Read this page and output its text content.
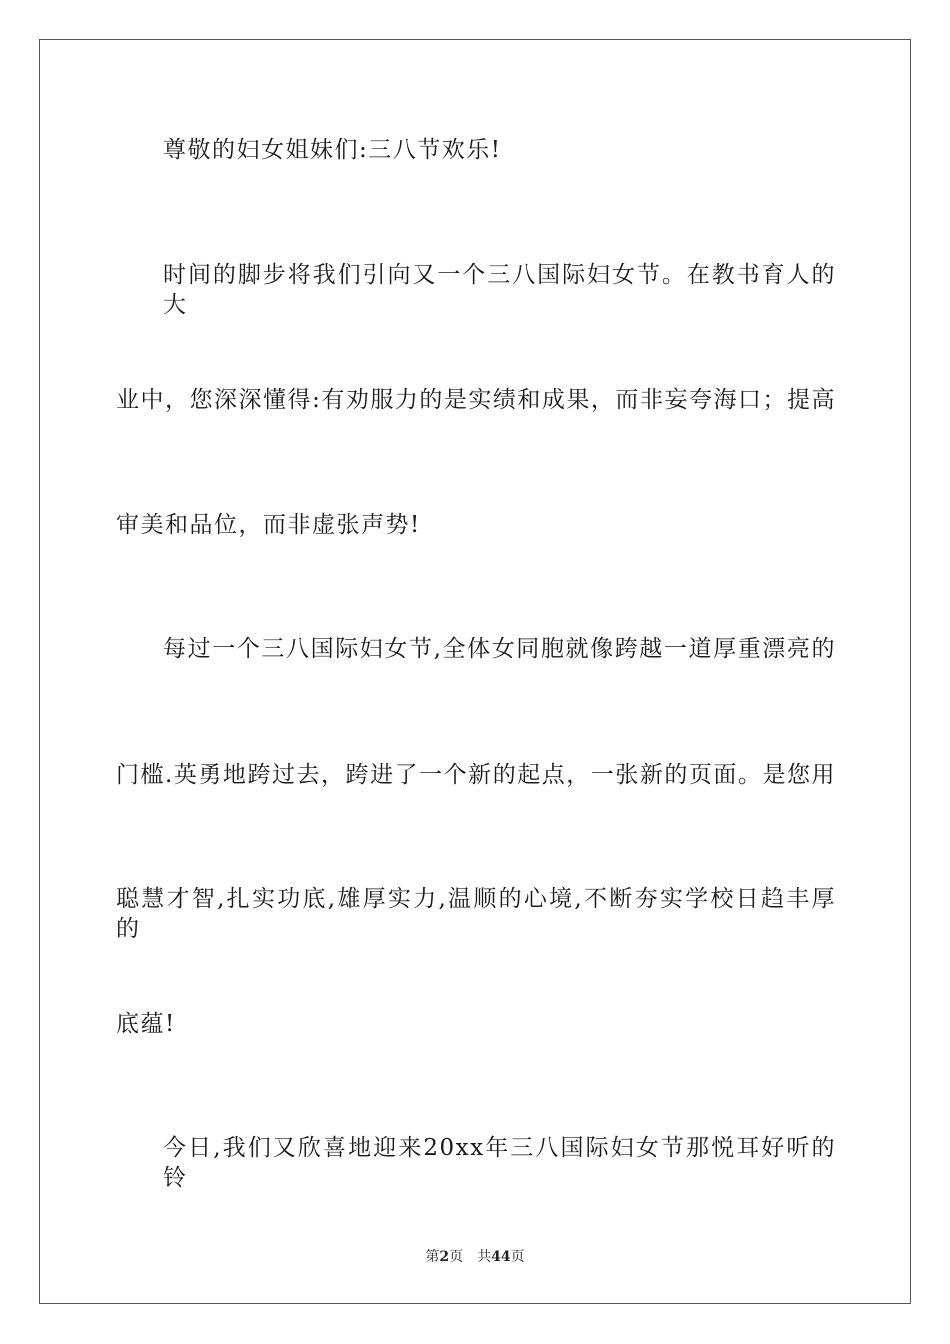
尊敬的妇女姐妹们:三八节欢乐!
时间的脚步将我们引向又一个三八国际妇女节。在教书育人的大
业中，您深深懂得:有劝服力的是实绩和成果，而非妄夸海口；提高
审美和品位，而非虚张声势!
每过一个三八国际妇女节,全体女同胞就像跨越一道厚重漂亮的
门槛.英勇地跨过去，跨进了一个新的起点，一张新的页面。是您用
聪慧才智,扎实功底,雄厚实力,温顺的心境,不断夯实学校日趋丰厚的
底蕴!
今日,我们又欣喜地迎来20xx年三八国际妇女节那悦耳好听的铃
第2页 共44页
